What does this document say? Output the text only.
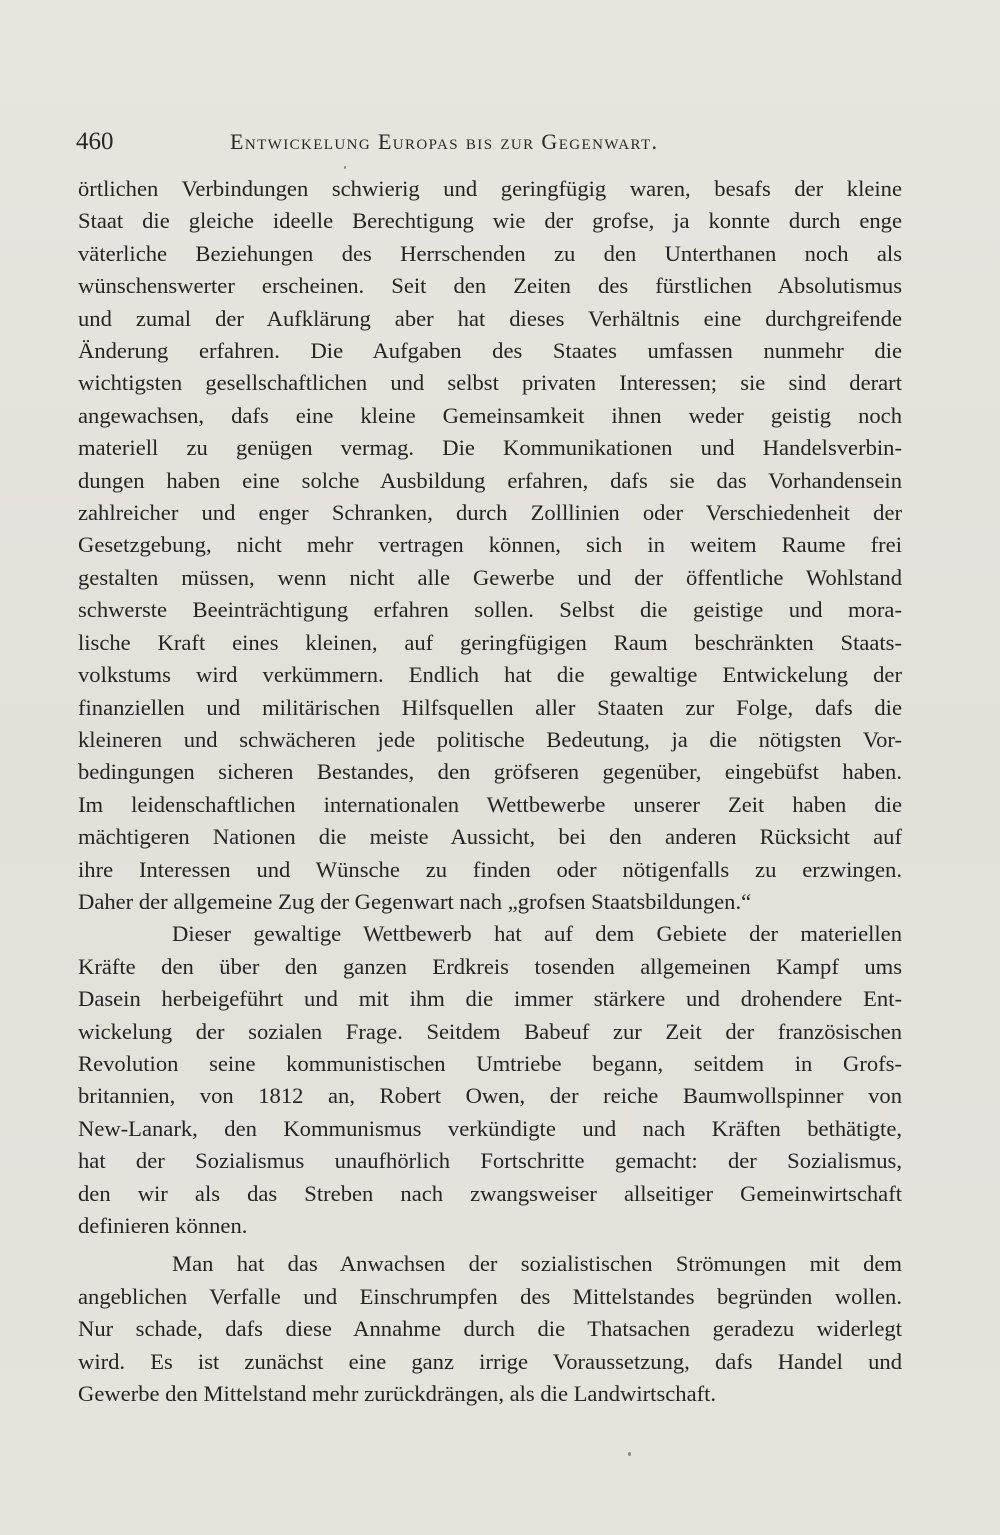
460	Entwickelung Europas bis zur Gegenwart.
örtlichen Verbindungen schwierig und geringfügig waren, besafs der kleine
Staat die gleiche ideelle Berechtigung wie der grofse, ja konnte durch enge
väterliche Beziehungen des Herrschenden zu den Unterthanen noch als
wünschenswerter erscheinen. Seit den Zeiten des fürstlichen Absolutismus
und zumal der Aufklärung aber hat dieses Verhältnis eine durchgreifende
Änderung erfahren. Die Aufgaben des Staates umfassen nunmehr die
wichtigsten gesellschaftlichen und selbst privaten Interessen; sie sind derart
angewachsen, dafs eine kleine Gemeinsamkeit ihnen weder geistig noch
materiell zu genügen vermag. Die Kommunikationen und Handelsverbin-
dungen haben eine solche Ausbildung erfahren, dafs sie das Vorhandensein
zahlreicher und enger Schranken, durch Zolllinien oder Verschiedenheit der
Gesetzgebung, nicht mehr vertragen können, sich in weitem Raume frei
gestalten müssen, wenn nicht alle Gewerbe und der öffentliche Wohlstand
schwerste Beeinträchtigung erfahren sollen. Selbst die geistige und mora-
lische Kraft eines kleinen, auf geringfügigen Raum beschränkten Staats-
volkstums wird verkümmern. Endlich hat die gewaltige Entwickelung der
finanziellen und militärischen Hilfsquellen aller Staaten zur Folge, dafs die
kleineren und schwächeren jede politische Bedeutung, ja die nötigsten Vor-
bedingungen sicheren Bestandes, den gröfseren gegenüber, eingebüfst haben.
Im leidenschaftlichen internationalen Wettbewerbe unserer Zeit haben die
mächtigeren Nationen die meiste Aussicht, bei den anderen Rücksicht auf
ihre Interessen und Wünsche zu finden oder nötigenfalls zu erzwingen.
Daher der allgemeine Zug der Gegenwart nach „grofsen Staatsbildungen.“
Dieser gewaltige Wettbewerb hat auf dem Gebiete der materiellen
Kräfte den über den ganzen Erdkreis tosenden allgemeinen Kampf ums
Dasein herbeigeführt und mit ihm die immer stärkere und drohendere Ent-
wickelung der sozialen Frage. Seitdem Babeuf zur Zeit der französischen
Revolution seine kommunistischen Umtriebe begann, seitdem in Grofs-
britannien, von 1812 an, Robert Owen, der reiche Baumwollspinner von
New-Lanark, den Kommunismus verkündigte und nach Kräften bethätigte,
hat der Sozialismus unaufhörlich Fortschritte gemacht: der Sozialismus,
den wir als das Streben nach zwangsweiser allseitiger Gemeinwirtschaft
definieren können.
Man hat das Anwachsen der sozialistischen Strömungen mit dem
angeblichen Verfalle und Einschrumpfen des Mittelstandes begründen wollen.
Nur schade, dafs diese Annahme durch die Thatsachen geradezu widerlegt
wird. Es ist zunächst eine ganz irrige Voraussetzung, dafs Handel und
Gewerbe den Mittelstand mehr zurückdrängen, als die Landwirtschaft.
